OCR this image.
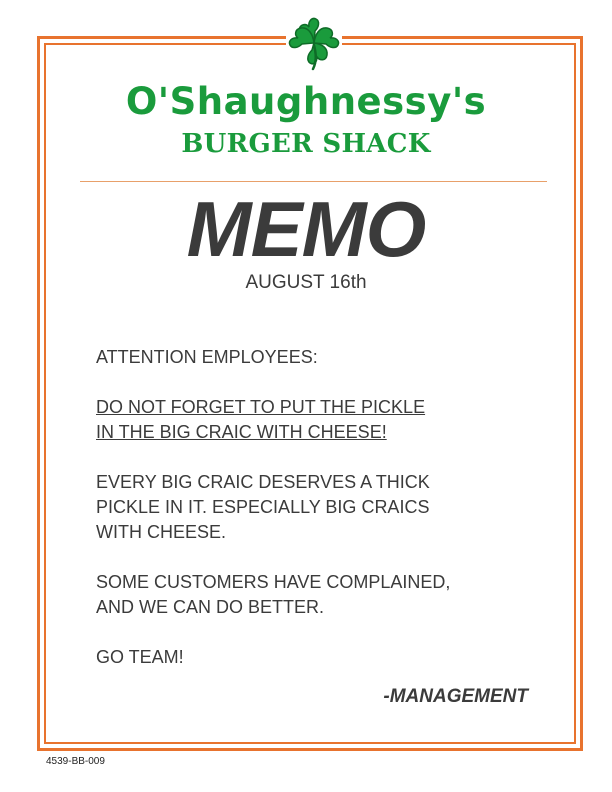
O'Shaughnessy's
BURGER SHACK
MEMO
AUGUST 16th

ATTENTION EMPLOYEES:

DO NOT FORGET TO PUT THE PICKLE

IN THE BIG CRAIC WITH CHEESE!

EVERY BIG CRAIC DESERVES A THICK

PICKLE IN IT. ESPECIALLY BIG CRAICS

WITH CHEESE.

SOME CUSTOMERS HAVE COMPLAINED,

AND WE CAN DO BETTER.

GO TEAM!

-MANAGEMENT
4539-BB-009
